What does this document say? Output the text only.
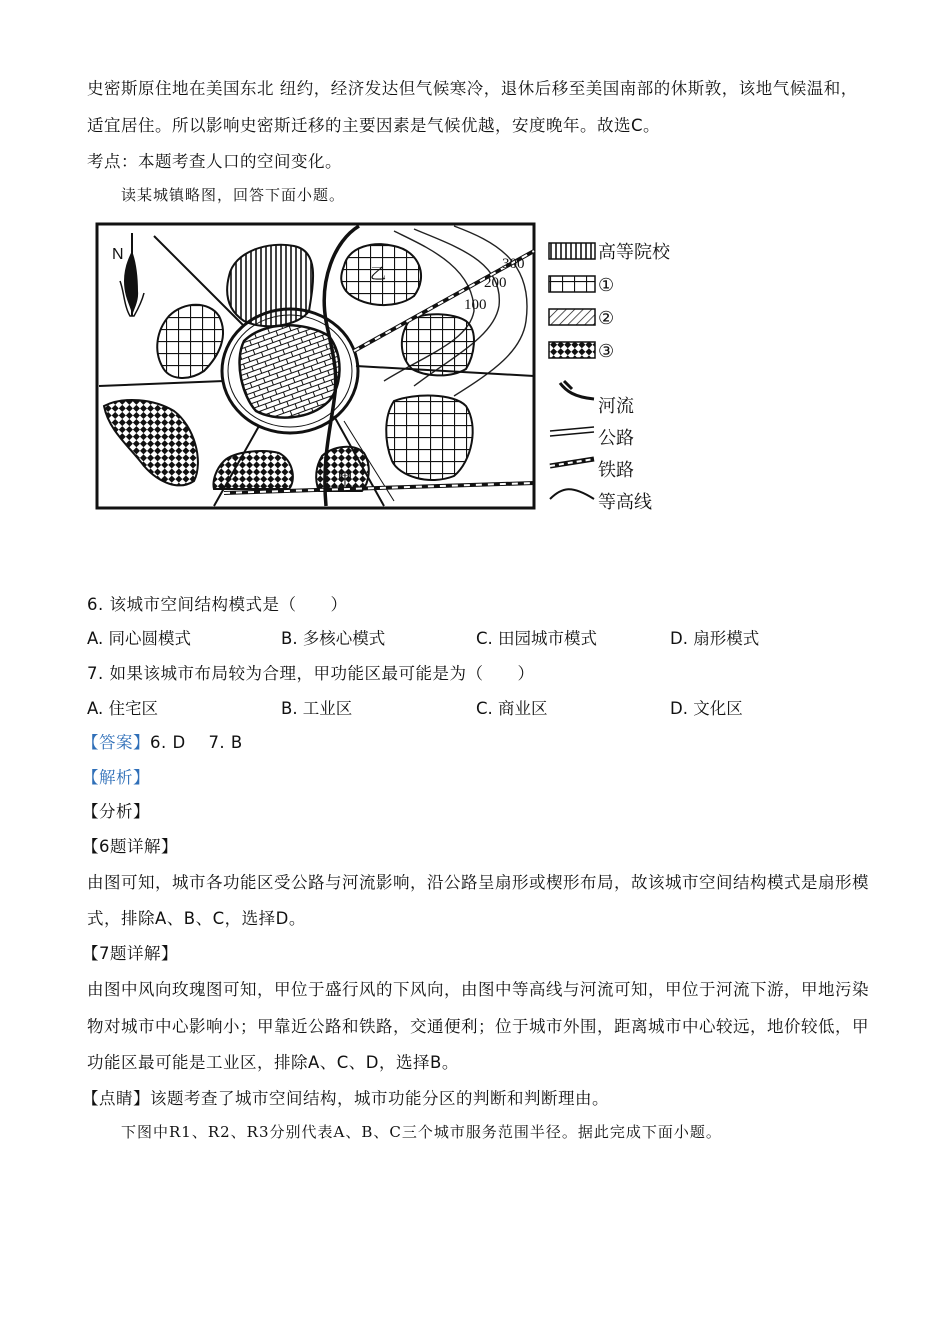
史密斯原住地在美国东北 纽约，经济发达但气候寒冷，退休后移至美国南部的休斯敦，该地气候温和，
适宜居住。所以影响史密斯迁移的主要因素是气候优越，安度晚年。故选C。
考点：本题考查人口的空间变化。
读某城镇略图，回答下面小题。
N
300
200
100
乙
甲
高等院校
①
②
③
河流
公路
铁路
等高线
6. 该城市空间结构模式是（　　）
A. 同心圆模式	B. 多核心模式	C. 田园城市模式	D. 扇形模式
7. 如果该城市布局较为合理，甲功能区最可能是为（　　）
A. 住宅区	B. 工业区	C. 商业区	D. 文化区
【答案】6. D　 7. B
【解析】
【分析】
【6题详解】
由图可知，城市各功能区受公路与河流影响，沿公路呈扇形或楔形布局，故该城市空间结构模式是扇形模
式，排除A、B、C，选择D。
【7题详解】
由图中风向玫瑰图可知，甲位于盛行风的下风向，由图中等高线与河流可知，甲位于河流下游，甲地污染
物对城市中心影响小；甲靠近公路和铁路，交通便利；位于城市外围，距离城市中心较远，地价较低，甲
功能区最可能是工业区，排除A、C、D，选择B。
【点睛】该题考查了城市空间结构，城市功能分区的判断和判断理由。
下图中R1、R2、R3分别代表A、B、C三个城市服务范围半径。据此完成下面小题。
